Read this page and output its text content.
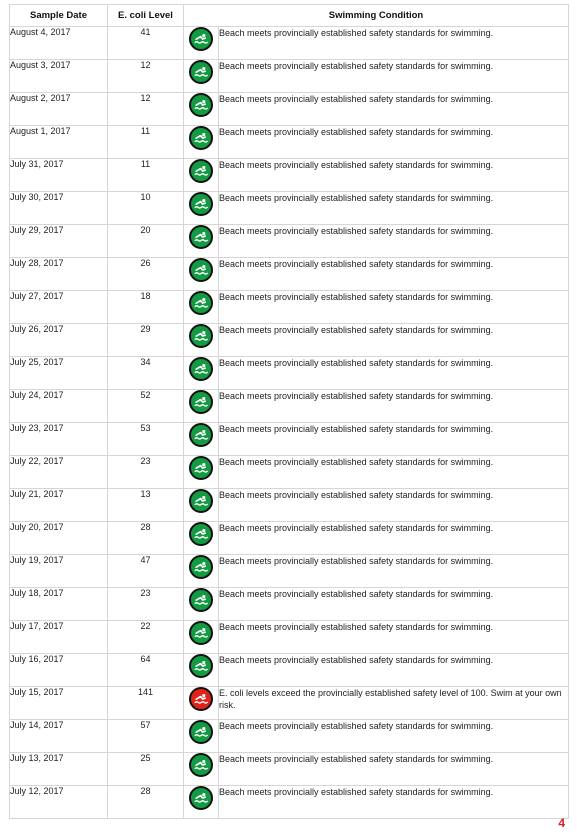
Sample Date	E. coli Level	Swimming Condition	
August 4, 2017	41		Beach meets provincially established safety standards for swimming.
August 3, 2017	12		Beach meets provincially established safety standards for swimming.
August 2, 2017	12		Beach meets provincially established safety standards for swimming.
August 1, 2017	11		Beach meets provincially established safety standards for swimming.
July 31, 2017	11		Beach meets provincially established safety standards for swimming.
July 30, 2017	10		Beach meets provincially established safety standards for swimming.
July 29, 2017	20		Beach meets provincially established safety standards for swimming.
July 28, 2017	26		Beach meets provincially established safety standards for swimming.
July 27, 2017	18		Beach meets provincially established safety standards for swimming.
July 26, 2017	29		Beach meets provincially established safety standards for swimming.
July 25, 2017	34		Beach meets provincially established safety standards for swimming.
July 24, 2017	52		Beach meets provincially established safety standards for swimming.
July 23, 2017	53		Beach meets provincially established safety standards for swimming.
July 22, 2017	23		Beach meets provincially established safety standards for swimming.
July 21, 2017	13		Beach meets provincially established safety standards for swimming.
July 20, 2017	28		Beach meets provincially established safety standards for swimming.
July 19, 2017	47		Beach meets provincially established safety standards for swimming.
July 18, 2017	23		Beach meets provincially established safety standards for swimming.
July 17, 2017	22		Beach meets provincially established safety standards for swimming.
July 16, 2017	64		Beach meets provincially established safety standards for swimming.
July 15, 2017	141		E. coli levels exceed the provincially established safety level of 100. Swim at your own risk.
July 14, 2017	57		Beach meets provincially established safety standards for swimming.
July 13, 2017	25		Beach meets provincially established safety standards for swimming.
July 12, 2017	28		Beach meets provincially established safety standards for swimming.
4
